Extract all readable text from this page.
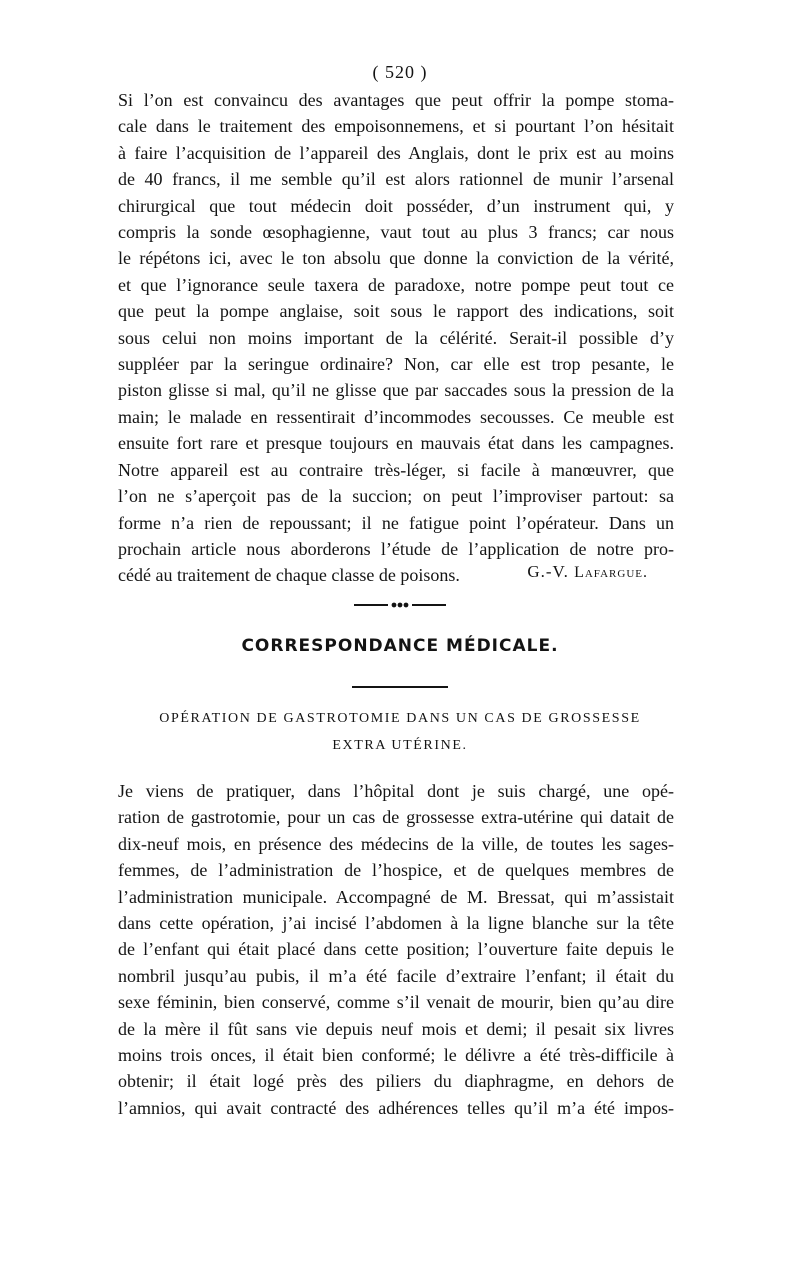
( 520 )
Si l’on est convaincu des avantages que peut offrir la pompe stoma-
cale dans le traitement des empoisonnemens, et si pourtant l’on hésitait
à faire l’acquisition de l’appareil des Anglais, dont le prix est au moins
de 40 francs, il me semble qu’il est alors rationnel de munir l’arsenal
chirurgical que tout médecin doit posséder, d’un instrument qui, y
compris la sonde œsophagienne, vaut tout au plus 3 francs; car nous
le répétons ici, avec le ton absolu que donne la conviction de la vérité,
et que l’ignorance seule taxera de paradoxe, notre pompe peut tout ce
que peut la pompe anglaise, soit sous le rapport des indications, soit
sous celui non moins important de la célérité. Serait-il possible d’y
suppléer par la seringue ordinaire? Non, car elle est trop pesante, le
piston glisse si mal, qu’il ne glisse que par saccades sous la pression de la
main; le malade en ressentirait d’incommodes secousses. Ce meuble est
ensuite fort rare et presque toujours en mauvais état dans les campagnes.
Notre appareil est au contraire très-léger, si facile à manœuvrer, que
l’on ne s’aperçoit pas de la succion; on peut l’improviser partout: sa
forme n’a rien de repoussant; il ne fatigue point l’opérateur. Dans un
prochain article nous aborderons l’étude de l’application de notre pro-
cédé au traitement de chaque classe de poisons.	G.-V. Lafargue.
CORRESPONDANCE MÉDICALE.
OPÉRATION DE GASTROTOMIE DANS UN CAS DE GROSSESSE
EXTRA UTÉRINE.
Je viens de pratiquer, dans l’hôpital dont je suis chargé, une opé-
ration de gastrotomie, pour un cas de grossesse extra-utérine qui datait de
dix-neuf mois, en présence des médecins de la ville, de toutes les sages-
femmes, de l’administration de l’hospice, et de quelques membres de
l’administration municipale. Accompagné de M. Bressat, qui m’assistait
dans cette opération, j’ai incisé l’abdomen à la ligne blanche sur la tête
de l’enfant qui était placé dans cette position; l’ouverture faite depuis le
nombril jusqu’au pubis, il m’a été facile d’extraire l’enfant; il était du
sexe féminin, bien conservé, comme s’il venait de mourir, bien qu’au dire
de la mère il fût sans vie depuis neuf mois et demi; il pesait six livres
moins trois onces, il était bien conformé; le délivre a été très-difficile à
obtenir; il était logé près des piliers du diaphragme, en dehors de
l’amnios, qui avait contracté des adhérences telles qu’il m’a été impos-
